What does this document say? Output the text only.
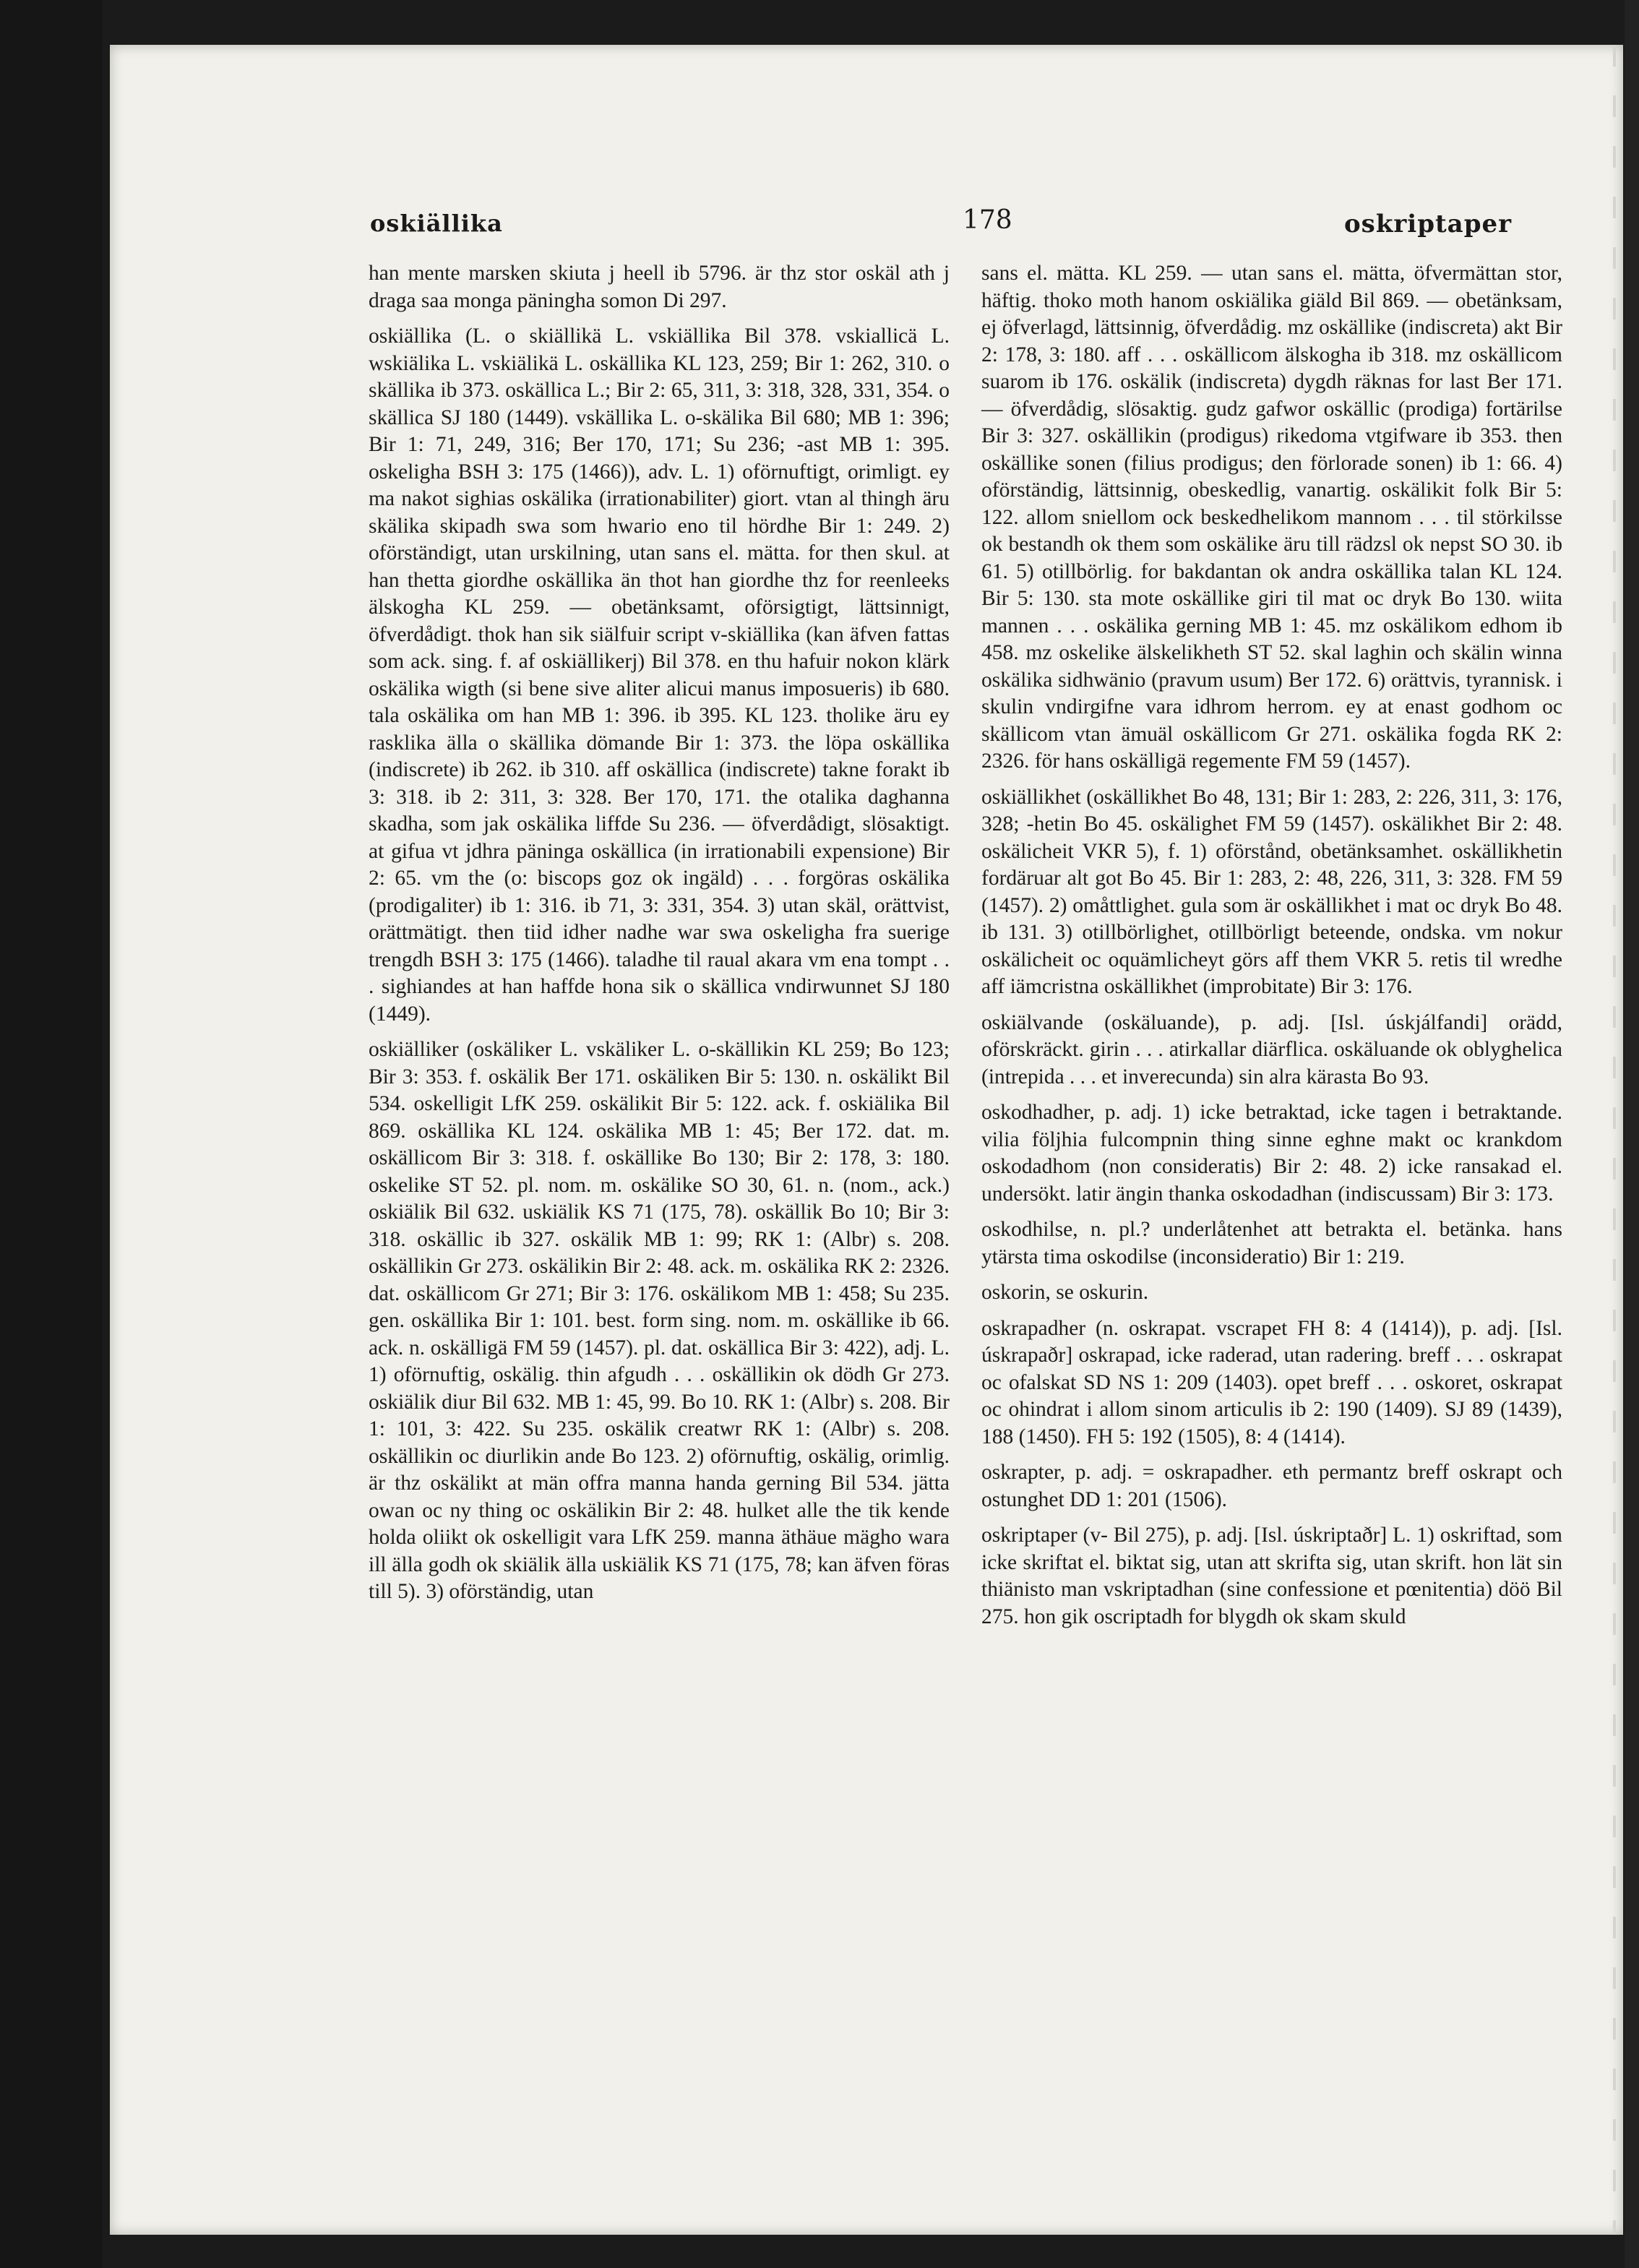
oskiällika	178	oskriptaper

han mente marsken skiuta j heell ib 5796. är thz stor oskäl ath j draga saa monga päningha somon Di 297.

oskiällika (L. o skiällikä L. vskiällika Bil 378. vskiallicä L. wskiälika L. vskiälikä L. oskällika KL 123, 259; Bir 1: 262, 310. o skällika ib 373. oskällica L.; Bir 2: 65, 311, 3: 318, 328, 331, 354. o skällica SJ 180 (1449). vskällika L. o-skälika Bil 680; MB 1: 396; Bir 1: 71, 249, 316; Ber 170, 171; Su 236; -ast MB 1: 395. oskeligha BSH 3: 175 (1466)), adv. L. 1) oförnuftigt, orimligt. ey ma nakot sighias oskälika (irrationabiliter) giort. vtan al thingh äru skälika skipadh swa som hwario eno til hördhe Bir 1: 249. 2) oförständigt, utan urskilning, utan sans el. mätta. for then skul. at han thetta giordhe oskällika än thot han giordhe thz for reenleeks älskogha KL 259. — obetänksamt, oförsigtigt, lättsinnigt, öfverdådigt. thok han sik siälfuir script v-skiällika (kan äfven fattas som ack. sing. f. af oskiällikerj) Bil 378. en thu hafuir nokon klärk oskälika wigth (si bene sive aliter alicui manus imposueris) ib 680. tala oskälika om han MB 1: 396. ib 395. KL 123. tholike äru ey rasklika älla o skällika dömande Bir 1: 373. the löpa oskällika (indiscrete) ib 262. ib 310. aff oskällica (indiscrete) takne forakt ib 3: 318. ib 2: 311, 3: 328. Ber 170, 171. the otalika daghanna skadha, som jak oskälika liffde Su 236. — öfverdådigt, slösaktigt. at gifua vt jdhra päninga oskällica (in irrationabili expensione) Bir 2: 65. vm the (o: biscops goz ok ingäld) . . . forgöras oskälika (prodigaliter) ib 1: 316. ib 71, 3: 331, 354. 3) utan skäl, orättvist, orättmätigt. then tiid idher nadhe war swa oskeligha fra suerige trengdh BSH 3: 175 (1466). taladhe til raual akara vm ena tompt . . . sighiandes at han haffde hona sik o skällica vndirwunnet SJ 180 (1449).

oskiälliker (oskäliker L. vskäliker L. o-skällikin KL 259; Bo 123; Bir 3: 353. f. oskälik Ber 171. oskäliken Bir 5: 130. n. oskälikt Bil 534. oskelligit LfK 259. oskälikit Bir 5: 122. ack. f. oskiälika Bil 869. oskällika KL 124. oskälika MB 1: 45; Ber 172. dat. m. oskällicom Bir 3: 318. f. oskällike Bo 130; Bir 2: 178, 3: 180. oskelike ST 52. pl. nom. m. oskälike SO 30, 61. n. (nom., ack.) oskiälik Bil 632. uskiälik KS 71 (175, 78). oskällik Bo 10; Bir 3: 318. oskällic ib 327. oskälik MB 1: 99; RK 1: (Albr) s. 208. oskällikin Gr 273. oskälikin Bir 2: 48. ack. m. oskälika RK 2: 2326. dat. oskällicom Gr 271; Bir 3: 176. oskälikom MB 1: 458; Su 235. gen. oskällika Bir 1: 101. best. form sing. nom. m. oskällike ib 66. ack. n. oskälligä FM 59 (1457). pl. dat. oskällica Bir 3: 422), adj. L. 1) oförnuftig, oskälig. thin afgudh . . . oskällikin ok dödh Gr 273. oskiälik diur Bil 632. MB 1: 45, 99. Bo 10. RK 1: (Albr) s. 208. Bir 1: 101, 3: 422. Su 235. oskälik creatwr RK 1: (Albr) s. 208. oskällikin oc diurlikin ande Bo 123. 2) oförnuftig, oskälig, orimlig. är thz oskälikt at män offra manna handa gerning Bil 534. jätta owan oc ny thing oc oskälikin Bir 2: 48. hulket alle the tik kende holda oliikt ok oskelligit vara LfK 259. manna äthäue mägho wara ill älla godh ok skiälik älla uskiälik KS 71 (175, 78; kan äfven föras till 5). 3) oförständig, utan

sans el. mätta. KL 259. — utan sans el. mätta, öfvermättan stor, häftig. thoko moth hanom oskiälika giäld Bil 869. — obetänksam, ej öfverlagd, lättsinnig, öfverdådig. mz oskällike (indiscreta) akt Bir 2: 178, 3: 180. aff . . . oskällicom älskogha ib 318. mz oskällicom suarom ib 176. oskälik (indiscreta) dygdh räknas for last Ber 171. — öfverdådig, slösaktig. gudz gafwor oskällic (prodiga) fortärilse Bir 3: 327. oskällikin (prodigus) rikedoma vtgifware ib 353. then oskällike sonen (filius prodigus; den förlorade sonen) ib 1: 66. 4) oförständig, lättsinnig, obeskedlig, vanartig. oskälikit folk Bir 5: 122. allom sniellom ock beskedhelikom mannom . . . til störkilsse ok bestandh ok them som oskälike äru till rädzsl ok nepst SO 30. ib 61. 5) otillbörlig. for bakdantan ok andra oskällika talan KL 124. Bir 5: 130. sta mote oskällike giri til mat oc dryk Bo 130. wiita mannen . . . oskälika gerning MB 1: 45. mz oskälikom edhom ib 458. mz oskelike älskelikheth ST 52. skal laghin och skälin winna oskälika sidhwänio (pravum usum) Ber 172. 6) orättvis, tyrannisk. i skulin vndirgifne vara idhrom herrom. ey at enast godhom oc skällicom vtan ämuäl oskällicom Gr 271. oskälika fogda RK 2: 2326. för hans oskälligä regemente FM 59 (1457).

oskiällikhet (oskällikhet Bo 48, 131; Bir 1: 283, 2: 226, 311, 3: 176, 328; -hetin Bo 45. oskälighet FM 59 (1457). oskälikhet Bir 2: 48. oskälicheit VKR 5), f. 1) oförstånd, obetänksamhet. oskällikhetin fordäruar alt got Bo 45. Bir 1: 283, 2: 48, 226, 311, 3: 328. FM 59 (1457). 2) omåttlighet. gula som är oskällikhet i mat oc dryk Bo 48. ib 131. 3) otillbörlighet, otillbörligt beteende, ondska. vm nokur oskälicheit oc oquämlicheyt görs aff them VKR 5. retis til wredhe aff iämcristna oskällikhet (improbitate) Bir 3: 176.

oskiälvande (oskäluande), p. adj. [Isl. úskjálfandi] orädd, oförskräckt. girin . . . atirkallar diärflica. oskäluande ok oblyghelica (intrepida . . . et inverecunda) sin alra kärasta Bo 93.

oskodhadher, p. adj. 1) icke betraktad, icke tagen i betraktande. vilia följhia fulcompnin thing sinne eghne makt oc krankdom oskodadhom (non consideratis) Bir 2: 48. 2) icke ransakad el. undersökt. latir ängin thanka oskodadhan (indiscussam) Bir 3: 173.

oskodhilse, n. pl.? underlåtenhet att betrakta el. betänka. hans ytärsta tima oskodilse (inconsideratio) Bir 1: 219.

oskorin, se oskurin.

oskrapadher (n. oskrapat. vscrapet FH 8: 4 (1414)), p. adj. [Isl. úskrapaðr] oskrapad, icke raderad, utan radering. breff . . . oskrapat oc ofalskat SD NS 1: 209 (1403). opet breff . . . oskoret, oskrapat oc ohindrat i allom sinom articulis ib 2: 190 (1409). SJ 89 (1439), 188 (1450). FH 5: 192 (1505), 8: 4 (1414).

oskrapter, p. adj. = oskrapadher. eth permantz breff oskrapt och ostunghet DD 1: 201 (1506).

oskriptaper (v- Bil 275), p. adj. [Isl. úskriptaðr] L. 1) oskriftad, som icke skriftat el. biktat sig, utan att skrifta sig, utan skrift. hon lät sin thiänisto man vskriptadhan (sine confessione et pœnitentia) döö Bil 275. hon gik oscriptadh for blygdh ok skam skuld
